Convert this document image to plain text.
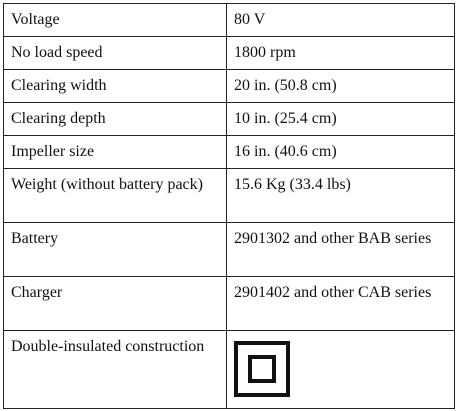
Voltage	80 V
No load speed	1800 rpm
Clearing width	20 in. (50.8 cm)
Clearing depth	10 in. (25.4 cm)
Impeller size	16 in. (40.6 cm)
Weight (without battery pack)	15.6 Kg (33.4 lbs)
Battery	2901302 and other BAB series
Charger	2901402 and other CAB series
Double-insulated construction	
